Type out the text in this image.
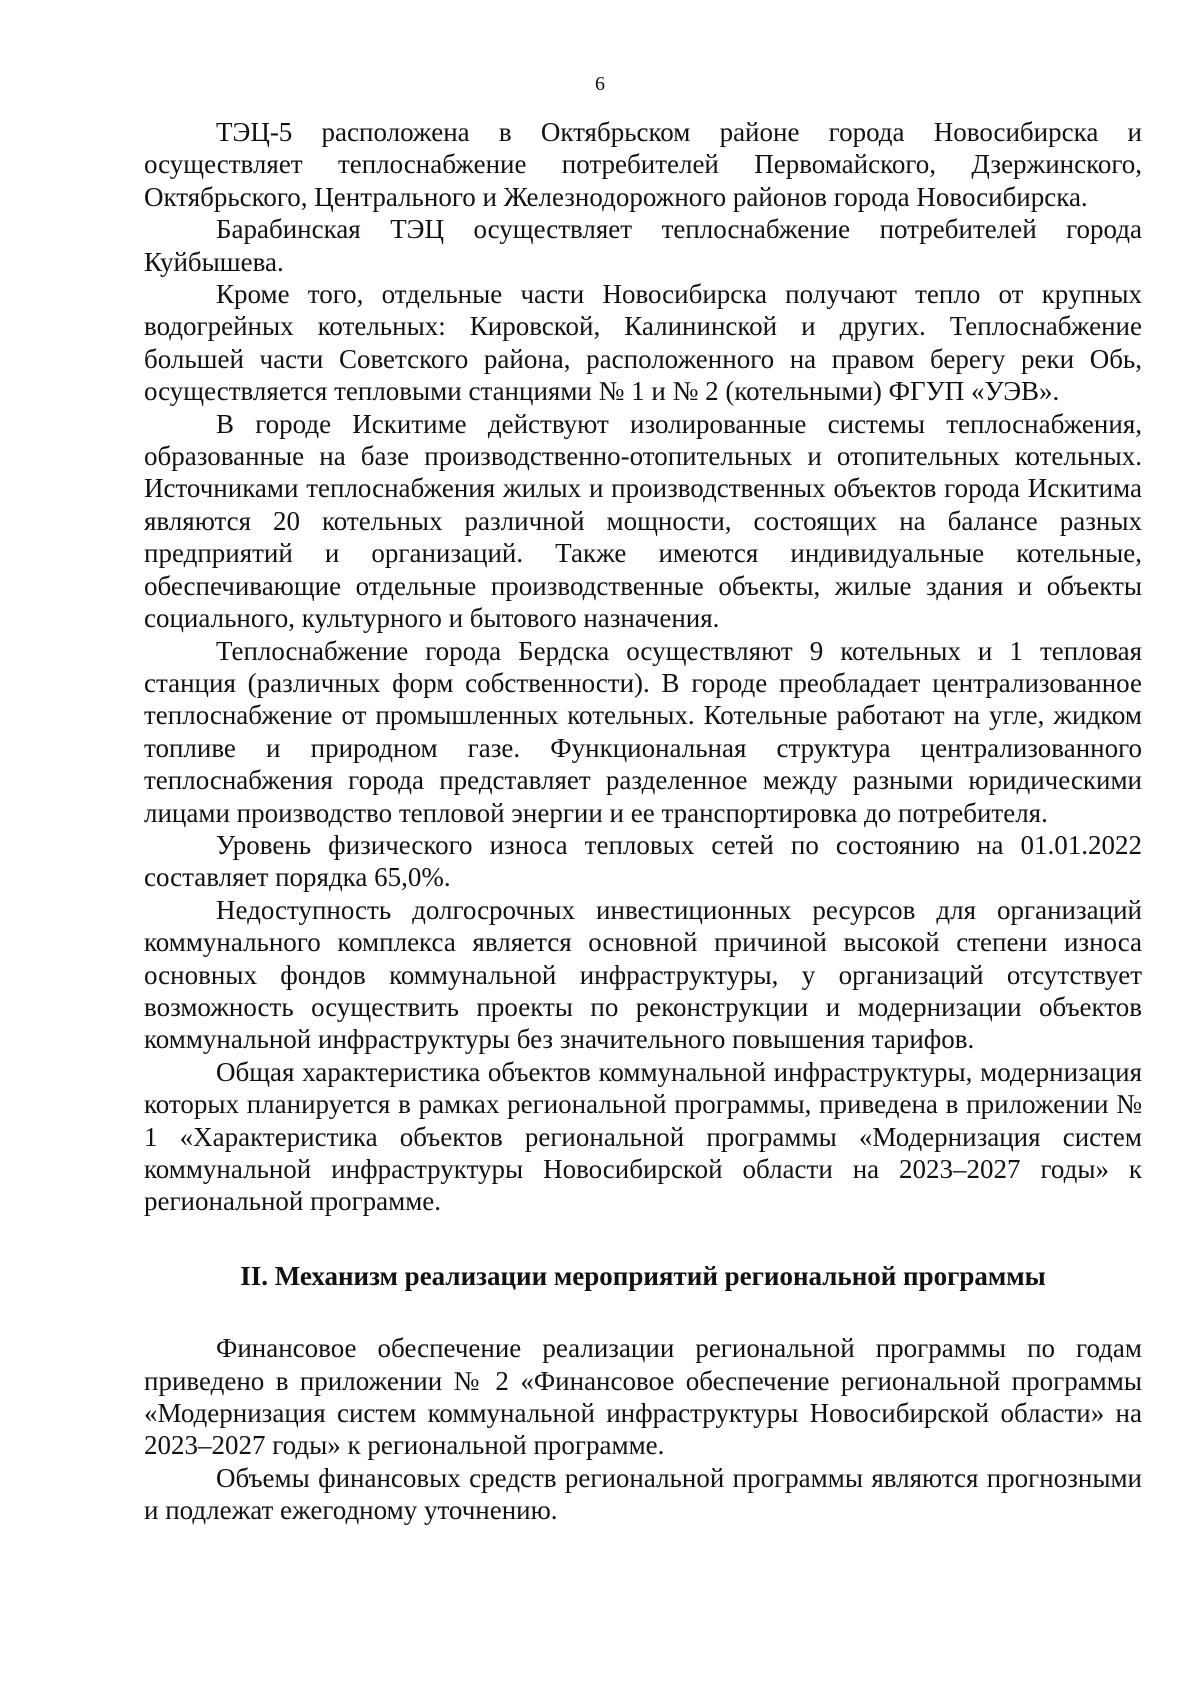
6

ТЭЦ-5 расположена в Октябрьском районе города Новосибирска и осуществляет теплоснабжение потребителей Первомайского, Дзержинского, Октябрьского, Центрального и Железнодорожного районов города Новосибирска.

Барабинская ТЭЦ осуществляет теплоснабжение потребителей города Куйбышева.

Кроме того, отдельные части Новосибирска получают тепло от крупных водогрейных котельных: Кировской, Калининской и других. Теплоснабжение большей части Советского района, расположенного на правом берегу реки Обь, осуществляется тепловыми станциями № 1 и № 2 (котельными) ФГУП «УЭВ».

В городе Искитиме действуют изолированные системы теплоснабжения, образованные на базе производственно-отопительных и отопительных котельных. Источниками теплоснабжения жилых и производственных объектов города Искитима являются 20 котельных различной мощности, состоящих на балансе разных предприятий и организаций. Также имеются индивидуальные котельные, обеспечивающие отдельные производственные объекты, жилые здания и объекты социального, культурного и бытового назначения.

Теплоснабжение города Бердска осуществляют 9 котельных и 1 тепловая станция (различных форм собственности). В городе преобладает централизованное теплоснабжение от промышленных котельных. Котельные работают на угле, жидком топливе и природном газе. Функциональная структура централизованного теплоснабжения города представляет разделенное между разными юридическими лицами производство тепловой энергии и ее транспортировка до потребителя.

Уровень физического износа тепловых сетей по состоянию на 01.01.2022 составляет порядка 65,0%.

Недоступность долгосрочных инвестиционных ресурсов для организаций коммунального комплекса является основной причиной высокой степени износа основных фондов коммунальной инфраструктуры, у организаций отсутствует возможность осуществить проекты по реконструкции и модернизации объектов коммунальной инфраструктуры без значительного повышения тарифов.

Общая характеристика объектов коммунальной инфраструктуры, модернизация которых планируется в рамках региональной программы, приведена в приложении № 1 «Характеристика объектов региональной программы «Модернизация систем коммунальной инфраструктуры Новосибирской области на 2023–2027 годы» к региональной программе.

II. Механизм реализации мероприятий региональной программы

Финансовое обеспечение реализации региональной программы по годам приведено в приложении № 2 «Финансовое обеспечение региональной программы «Модернизация систем коммунальной инфраструктуры Новосибирской области» на 2023–2027 годы» к региональной программе.

Объемы финансовых средств региональной программы являются прогнозными и подлежат ежегодному уточнению.
